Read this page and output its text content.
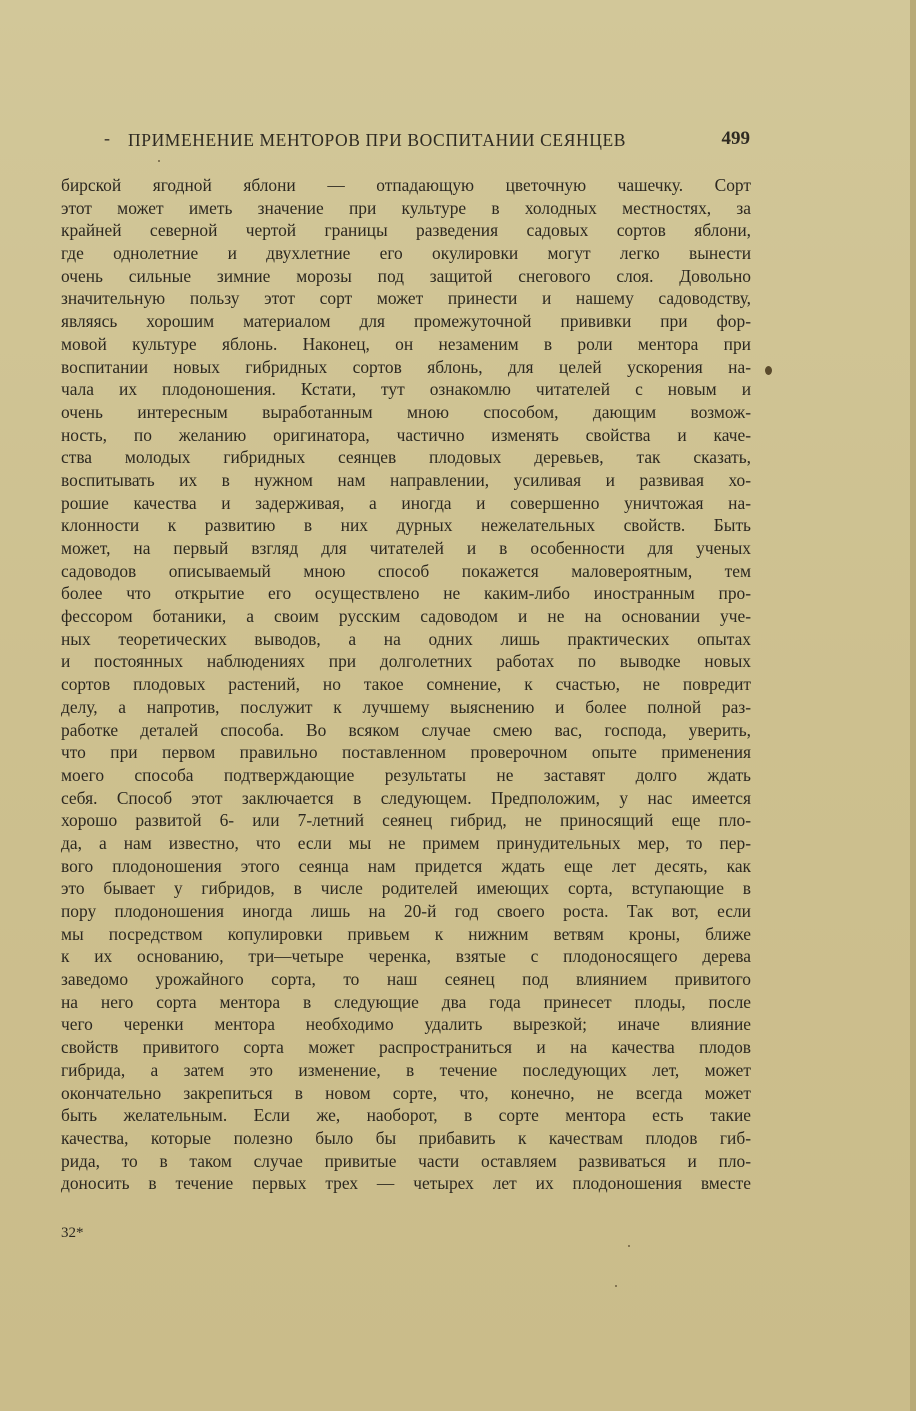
- ПРИМЕНЕНИЕ МЕНТОРОВ ПРИ ВОСПИТАНИИ СЕЯНЦЕВ	499
бирской ягодной яблони — отпадающую цветочную чашечку. Сорт
этот может иметь значение при культуре в холодных местностях, за
крайней северной чертой границы разведения садовых сортов яблони,
где однолетние и двухлетние его окулировки могут легко вынести
очень сильные зимние морозы под защитой снегового слоя. Довольно
значительную пользу этот сорт может принести и нашему садоводству,
являясь хорошим материалом для промежуточной прививки при фор-
мовой культуре яблонь. Наконец, он незаменим в роли ментора при
воспитании новых гибридных сортов яблонь, для целей ускорения на-
чала их плодоношения. Кстати, тут ознакомлю читателей с новым и
очень интересным выработанным мною способом, дающим возмож-
ность, по желанию оригинатора, частично изменять свойства и каче-
ства молодых гибридных сеянцев плодовых деревьев, так сказать,
воспитывать их в нужном нам направлении, усиливая и развивая хо-
рошие качества и задерживая, а иногда и совершенно уничтожая на-
клонности к развитию в них дурных нежелательных свойств. Быть
может, на первый взгляд для читателей и в особенности для ученых
садоводов описываемый мною способ покажется маловероятным, тем
более что открытие его осуществлено не каким-либо иностранным про-
фессором ботаники, а своим русским садоводом и не на основании уче-
ных теоретических выводов, а на одних лишь практических опытах
и постоянных наблюдениях при долголетних работах по выводке новых
сортов плодовых растений, но такое сомнение, к счастью, не повредит
делу, а напротив, послужит к лучшему выяснению и более полной раз-
работке деталей способа. Во всяком случае смею вас, господа, уверить,
что при первом правильно поставленном проверочном опыте применения
моего способа подтверждающие результаты не заставят долго ждать
себя. Способ этот заключается в следующем. Предположим, у нас имеется
хорошо развитой 6- или 7-летний сеянец гибрид, не приносящий еще пло-
да, а нам известно, что если мы не примем принудительных мер, то пер-
вого плодоношения этого сеянца нам придется ждать еще лет десять, как
это бывает у гибридов, в числе родителей имеющих сорта, вступающие в
пору плодоношения иногда лишь на 20-й год своего роста. Так вот, если
мы посредством копулировки привьем к нижним ветвям кроны, ближе
к их основанию, три—четыре черенка, взятые с плодоносящего дерева
заведомо урожайного сорта, то наш сеянец под влиянием привитого
на него сорта ментора в следующие два года принесет плоды, после
чего черенки ментора необходимо удалить вырезкой; иначе влияние
свойств привитого сорта может распространиться и на качества плодов
гибрида, а затем это изменение, в течение последующих лет, может
окончательно закрепиться в новом сорте, что, конечно, не всегда может
быть желательным. Если же, наоборот, в сорте ментора есть такие
качества, которые полезно было бы прибавить к качествам плодов гиб-
рида, то в таком случае привитые части оставляем развиваться и пло-
доносить в течение первых трех — четырех лет их плодоношения вместе
32*
